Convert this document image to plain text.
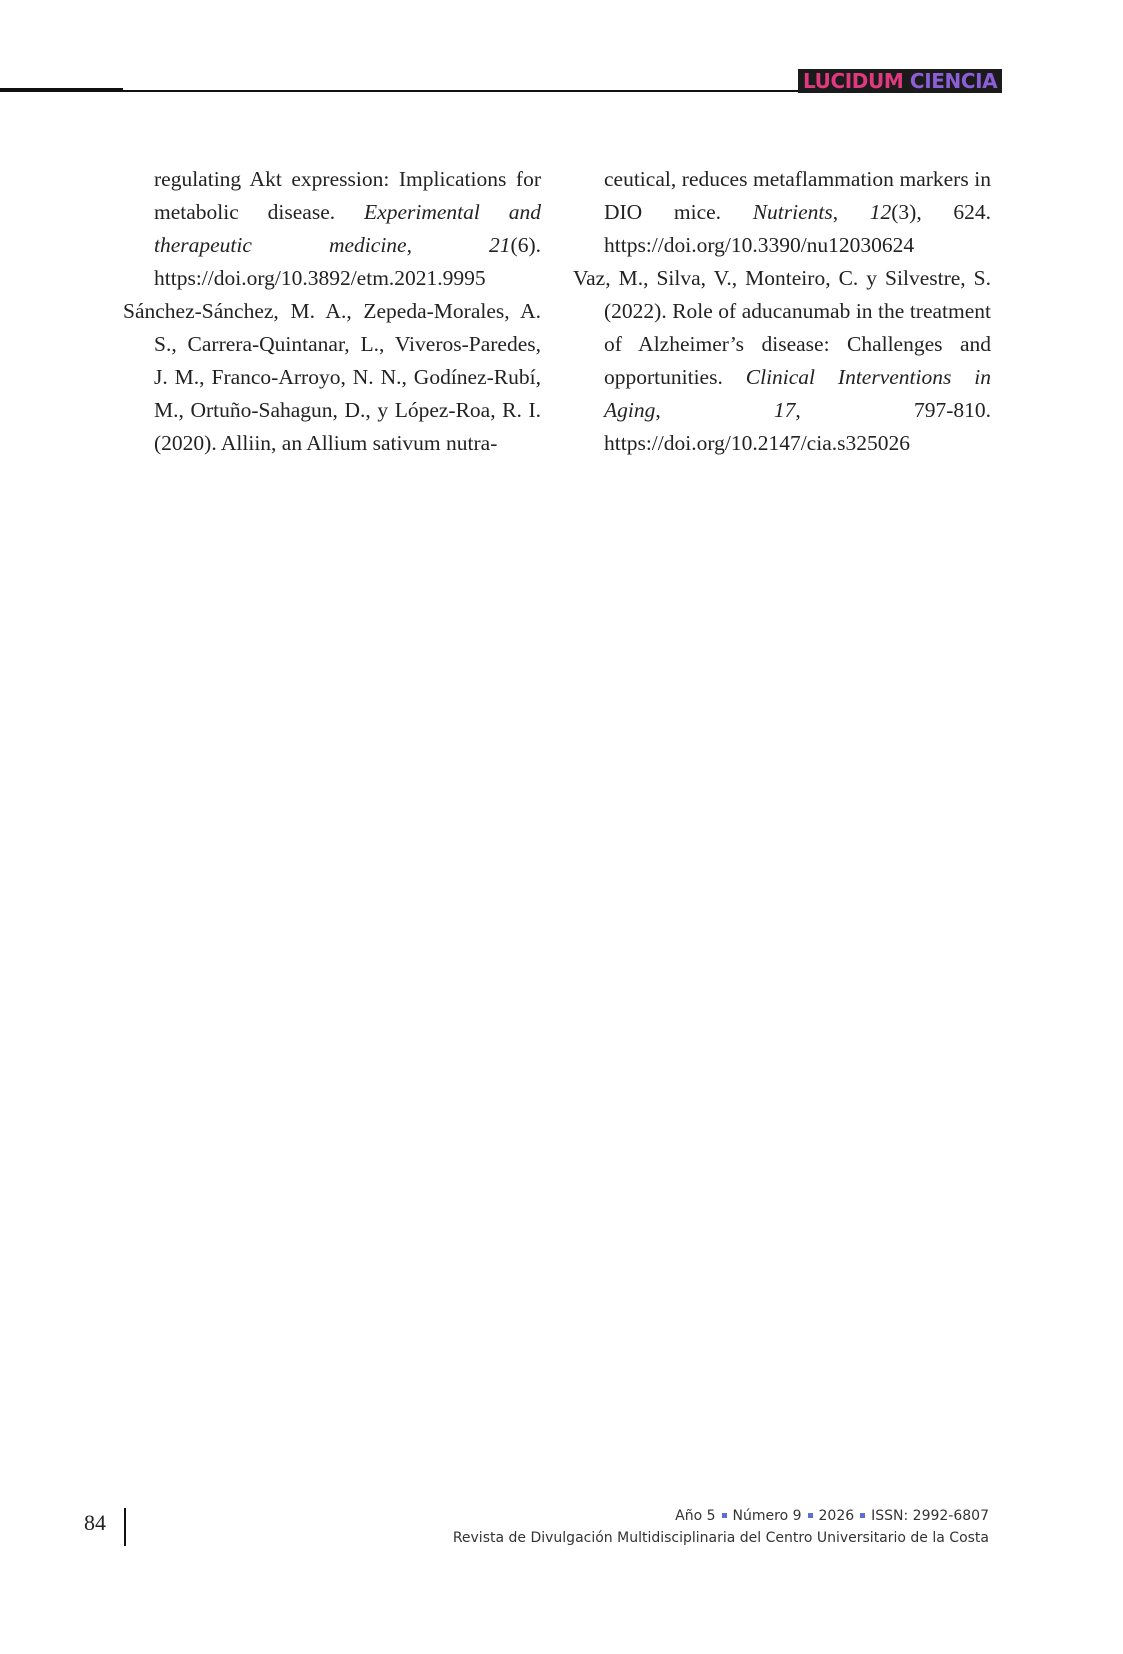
LUCIDUM
CIENCIA

regulating Akt expression: Implications for metabolic disease. Experimental and therapeutic medicine, 21(6). https://doi.org/10.3892/etm.2021.9995

Sánchez-Sánchez, M. A., Zepeda-Morales, A. S., Carrera-Quintanar, L., Viveros-Paredes, J. M., Franco-Arroyo, N. N., Godínez-Rubí, M., Ortuño-Sahagun, D., y López-Roa, R. I. (2020). Alliin, an Allium sativum nutra-

ceutical, reduces metaflammation markers in DIO mice. Nutrients, 12(3), 624. https://doi.org/10.3390/nu12030624

Vaz, M., Silva, V., Monteiro, C. y Silvestre, S. (2022). Role of aducanumab in the treatment of Alzheimer’s disease: Challenges and opportunities. Clinical Interventions in Aging, 17, 797-810. https://doi.org/10.2147/cia.s325026

84	Año 5 Número 9 2026 ISSN: 2992-6807
Revista de Divulgación Multidisciplinaria del Centro Universitario de la Costa
